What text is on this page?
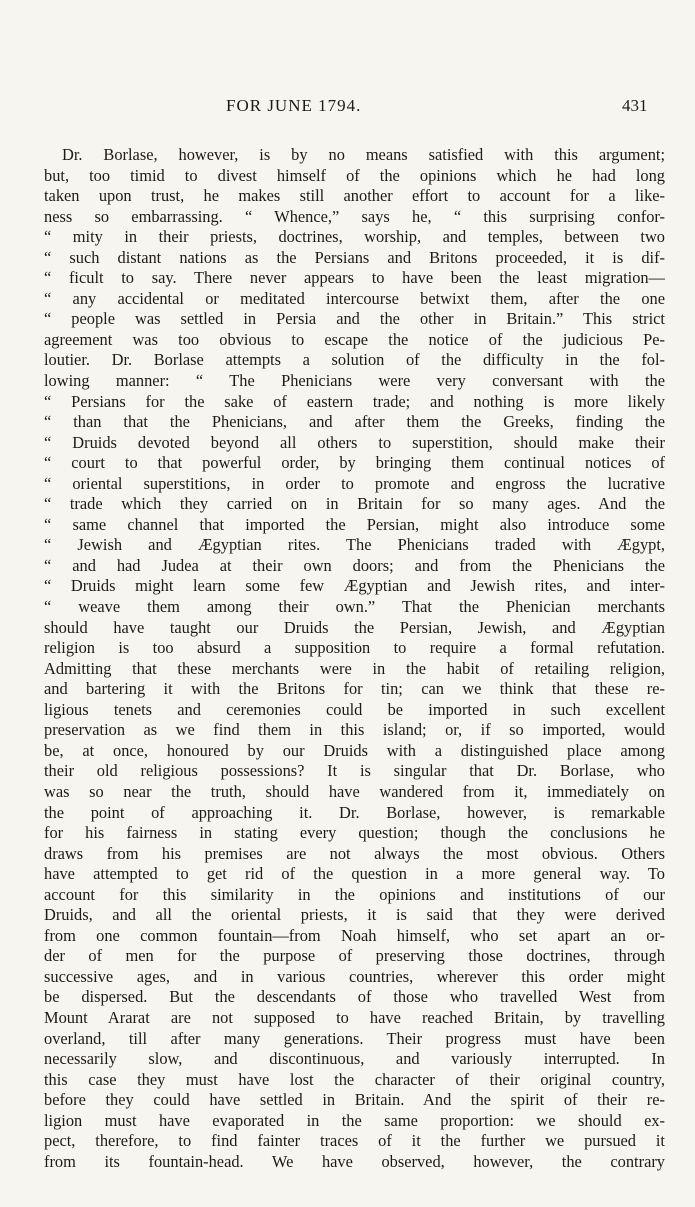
FOR JUNE 1794.	431
Dr. Borlase, however, is by no means satisfied with this argument;
but, too timid to divest himself of the opinions which he had long
taken upon trust, he makes still another effort to account for a like-
ness so embarrassing. “ Whence,” says he, “ this surprising confor-
“ mity in their priests, doctrines, worship, and temples, between two
“ such distant nations as the Persians and Britons proceeded, it is dif-
“ ficult to say. There never appears to have been the least migration—
“ any accidental or meditated intercourse betwixt them, after the one
“ people was settled in Persia and the other in Britain.” This strict
agreement was too obvious to escape the notice of the judicious Pe-
loutier. Dr. Borlase attempts a solution of the difficulty in the fol-
lowing manner: “ The Phenicians were very conversant with the
“ Persians for the sake of eastern trade; and nothing is more likely
“ than that the Phenicians, and after them the Greeks, finding the
“ Druids devoted beyond all others to superstition, should make their
“ court to that powerful order, by bringing them continual notices of
“ oriental superstitions, in order to promote and engross the lucrative
“ trade which they carried on in Britain for so many ages. And the
“ same channel that imported the Persian, might also introduce some
“ Jewish and Ægyptian rites. The Phenicians traded with Ægypt,
“ and had Judea at their own doors; and from the Phenicians the
“ Druids might learn some few Ægyptian and Jewish rites, and inter-
“ weave them among their own.” That the Phenician merchants
should have taught our Druids the Persian, Jewish, and Ægyptian
religion is too absurd a supposition to require a formal refutation.
Admitting that these merchants were in the habit of retailing religion,
and bartering it with the Britons for tin; can we think that these re-
ligious tenets and ceremonies could be imported in such excellent
preservation as we find them in this island; or, if so imported, would
be, at once, honoured by our Druids with a distinguished place among
their old religious possessions? It is singular that Dr. Borlase, who
was so near the truth, should have wandered from it, immediately on
the point of approaching it. Dr. Borlase, however, is remarkable
for his fairness in stating every question; though the conclusions he
draws from his premises are not always the most obvious. Others
have attempted to get rid of the question in a more general way. To
account for this similarity in the opinions and institutions of our
Druids, and all the oriental priests, it is said that they were derived
from one common fountain—from Noah himself, who set apart an or-
der of men for the purpose of preserving those doctrines, through
successive ages, and in various countries, wherever this order might
be dispersed. But the descendants of those who travelled West from
Mount Ararat are not supposed to have reached Britain, by travelling
overland, till after many generations. Their progress must have been
necessarily slow, and discontinuous, and variously interrupted. In
this case they must have lost the character of their original country,
before they could have settled in Britain. And the spirit of their re-
ligion must have evaporated in the same proportion: we should ex-
pect, therefore, to find fainter traces of it the further we pursued it
from its fountain-head. We have observed, however, the contrary
